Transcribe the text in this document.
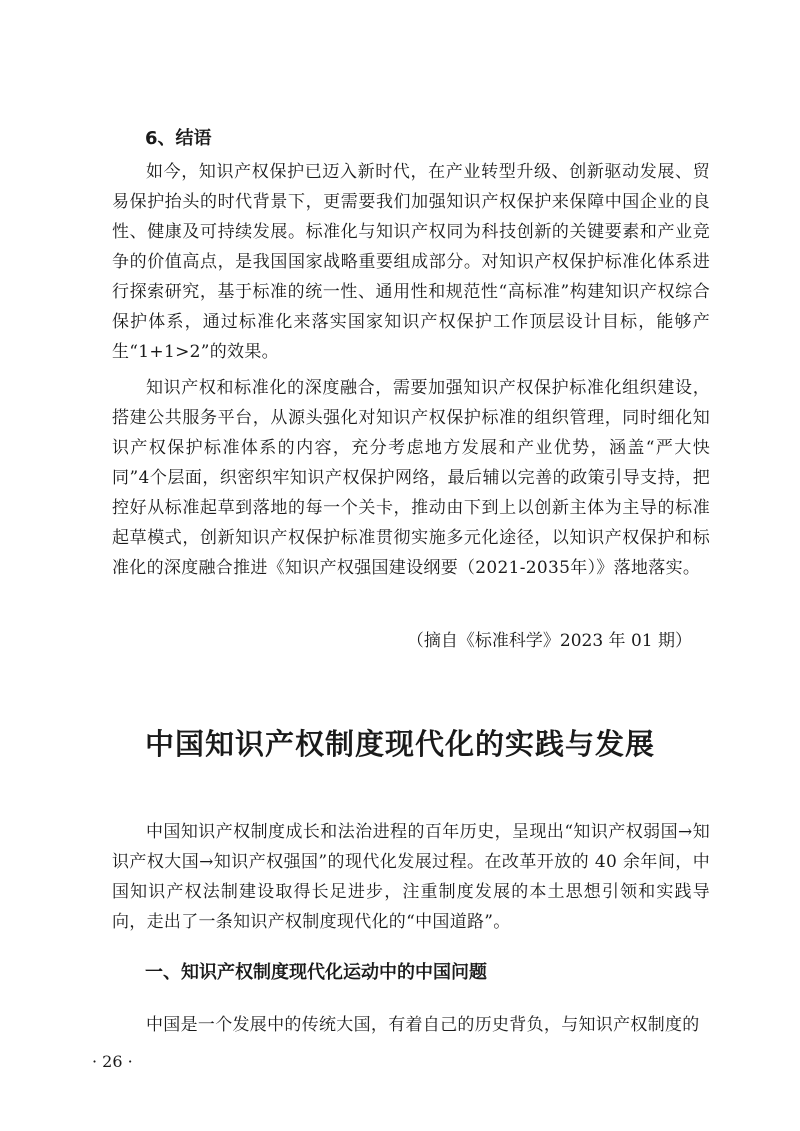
6、结语

如今，知识产权保护已迈入新时代，在产业转型升级、创新驱动发展、贸易保护抬头的时代背景下，更需要我们加强知识产权保护来保障中国企业的良性、健康及可持续发展。标准化与知识产权同为科技创新的关键要素和产业竞争的价值高点，是我国国家战略重要组成部分。对知识产权保护标准化体系进行探索研究，基于标准的统一性、通用性和规范性“高标准”构建知识产权综合保护体系，通过标准化来落实国家知识产权保护工作顶层设计目标，能够产生“1+1>2”的效果。

知识产权和标准化的深度融合，需要加强知识产权保护标准化组织建设，搭建公共服务平台，从源头强化对知识产权保护标准的组织管理，同时细化知识产权保护标准体系的内容，充分考虑地方发展和产业优势，涵盖“严大快同”4个层面，织密织牢知识产权保护网络，最后辅以完善的政策引导支持，把控好从标准起草到落地的每一个关卡，推动由下到上以创新主体为主导的标准起草模式，创新知识产权保护标准贯彻实施多元化途径，以知识产权保护和标准化的深度融合推进《知识产权强国建设纲要（2021-2035年）》落地落实。

（摘自《标准科学》2023 年 01 期）

中国知识产权制度现代化的实践与发展

中国知识产权制度成长和法治进程的百年历史，呈现出“知识产权弱国→知识产权大国→知识产权强国”的现代化发展过程。在改革开放的 40 余年间，中国知识产权法制建设取得长足进步，注重制度发展的本土思想引领和实践导向，走出了一条知识产权制度现代化的“中国道路”。

一、知识产权制度现代化运动中的中国问题

中国是一个发展中的传统大国，有着自己的历史背负，与知识产权制度的

· 26 ·
